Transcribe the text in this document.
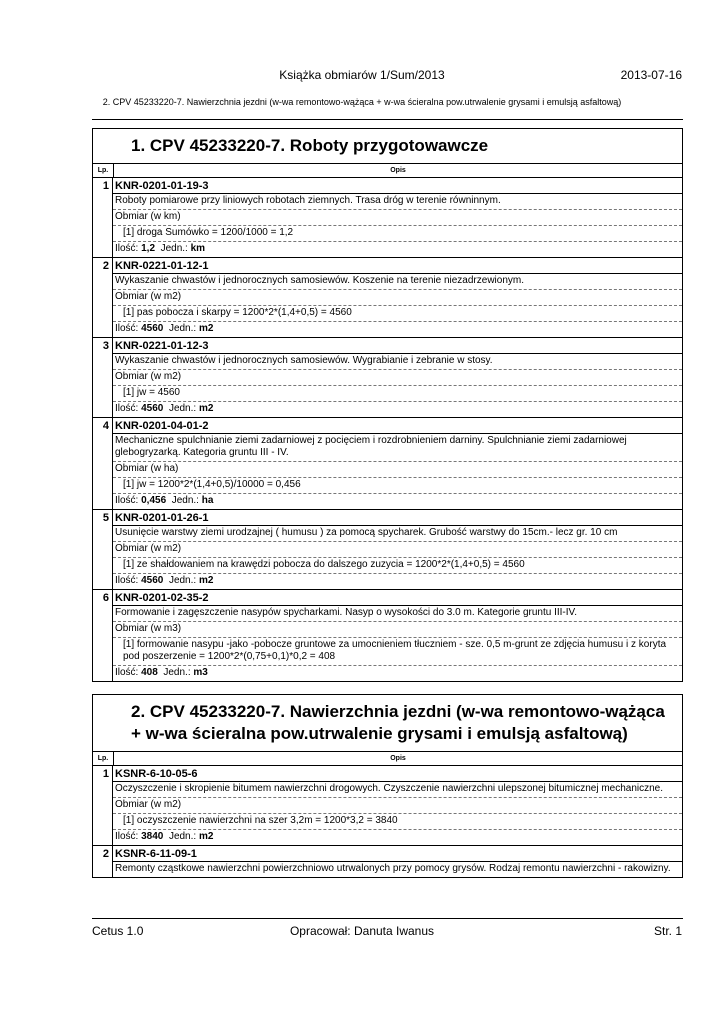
Książka obmiarów 1/Sum/2013	2013-07-16
2. CPV 45233220-7. Nawierzchnia jezdni (w-wa remontowo-wążąca + w-wa ścieralna pow.utrwalenie grysami i emulsją asfaltową)
1. CPV 45233220-7. Roboty przygotowawcze
Lp.	Opis
1 KNR-0201-01-19-3
Roboty pomiarowe przy liniowych robotach ziemnych. Trasa dróg w terenie równinnym.
Obmiar (w km)
[1] droga Sumówko = 1200/1000 = 1,2
Ilość: 1,2 Jedn.: km
2 KNR-0221-01-12-1
Wykaszanie chwastów i jednorocznych samosiewów. Koszenie na terenie niezadrzewionym.
Obmiar (w m2)
[1] pas pobocza i skarpy = 1200*2*(1,4+0,5) = 4560
Ilość: 4560 Jedn.: m2
3 KNR-0221-01-12-3
Wykaszanie chwastów i jednorocznych samosiewów. Wygrabianie i zebranie w stosy.
Obmiar (w m2)
[1] jw = 4560
Ilość: 4560 Jedn.: m2
4 KNR-0201-04-01-2
Mechaniczne spulchnianie ziemi zadarniowej z pocięciem i rozdrobnieniem darniny. Spulchnianie ziemi zadarniowej glebogryzarką. Kategoria gruntu III - IV.
Obmiar (w ha)
[1] jw = 1200*2*(1,4+0,5)/10000 = 0,456
Ilość: 0,456 Jedn.: ha
5 KNR-0201-01-26-1
Usunięcie warstwy ziemi urodzajnej ( humusu ) za pomocą spycharek. Grubość warstwy do 15cm.- lecz gr. 10 cm
Obmiar (w m2)
[1] ze shałdowaniem na krawędzi pobocza do dalszego zuzycia = 1200*2*(1,4+0,5) = 4560
Ilość: 4560 Jedn.: m2
6 KNR-0201-02-35-2
Formowanie i zagęszczenie nasypów spycharkami. Nasyp o wysokości do 3.0 m. Kategorie gruntu III-IV.
Obmiar (w m3)
[1] formowanie nasypu -jako -pobocze gruntowe za umocnieniem tłucznie​m - sze. 0,5 m-grunt ze zdjęcia humusu i z koryta pod poszerzenie = 1200*2*(0,75+0,1)*0,2 = 408
Ilość: 408 Jedn.: m3
2. CPV 45233220-7. Nawierzchnia jezdni (w-wa remontowo-wążąca + w-wa ścieralna pow.utrwalenie grysami i emulsją asfaltową)
Lp.	Opis
1 KSNR-6-10-05-6
Oczyszczenie i skropienie bitumem nawierzchni drogowych. Czyszczenie nawierzchni ulepszonej bitumicznej mechaniczne.
Obmiar (w m2)
[1] oczyszczenie nawierzchni na szer 3,2m = 1200*3,2 = 3840
Ilość: 3840 Jedn.: m2
2 KSNR-6-11-09-1
Remonty cząstkowe nawierzchni powierzchniowo utrwalonych przy pomocy grysów. Rodzaj remontu nawierzchni - rakowizny.
Cetus 1.0	Opracował: Danuta Iwanus	Str. 1
